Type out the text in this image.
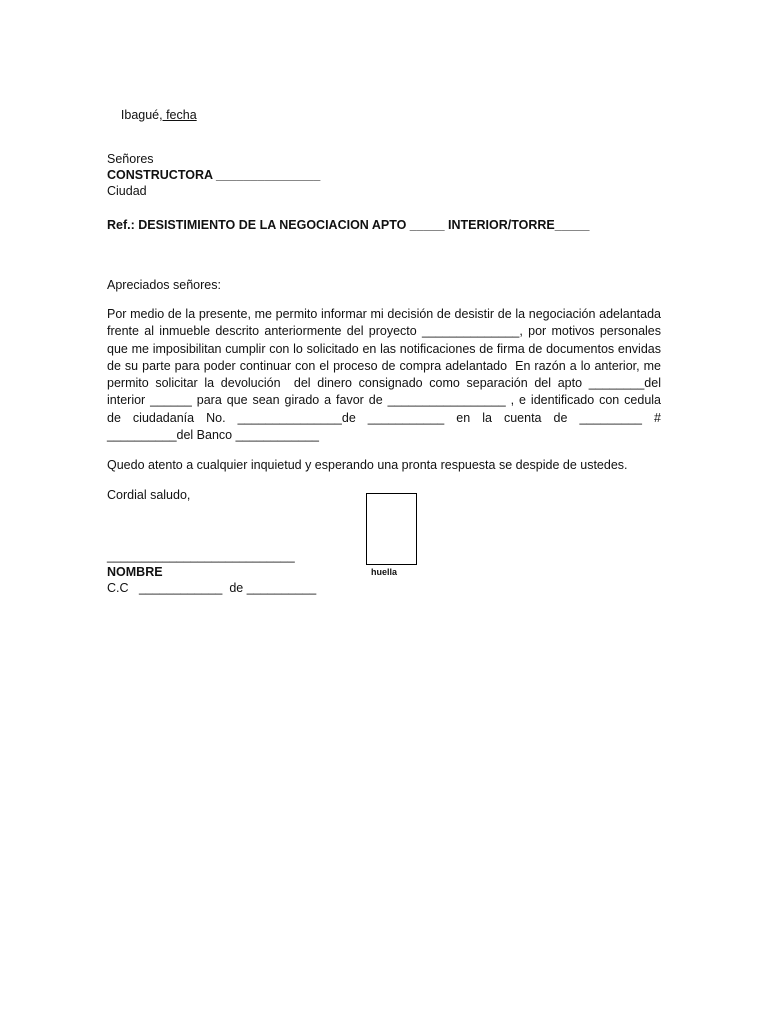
Ibagué, fecha

Señores
CONSTRUCTORA _______________
Ciudad
Ref.: DESISTIMIENTO DE LA NEGOCIACION APTO _____ INTERIOR/TORRE_____
Apreciados señores:
Por medio de la presente, me permito informar mi decisión de desistir de la negociación adelantada
frente al inmueble descrito anteriormente del proyecto ______________, por motivos personales
que me imposibilitan cumplir con lo solicitado en las notificaciones de firma de documentos envidas
de su parte para poder continuar con el proceso de compra adelantado  En razón a lo anterior, me
permito solicitar la devolución  del dinero consignado como separación del apto ________del
interior ______ para que sean girado a favor de _________________ , e identificado con cedula
de ciudadanía No. _______________de ___________ en la cuenta de _________ #
__________del Banco ____________
Quedo atento a cualquier inquietud y esperando una pronta respuesta se despide de ustedes.
Cordial saludo,
___________________________
NOMBRE
C.C   ____________  de __________
huella
